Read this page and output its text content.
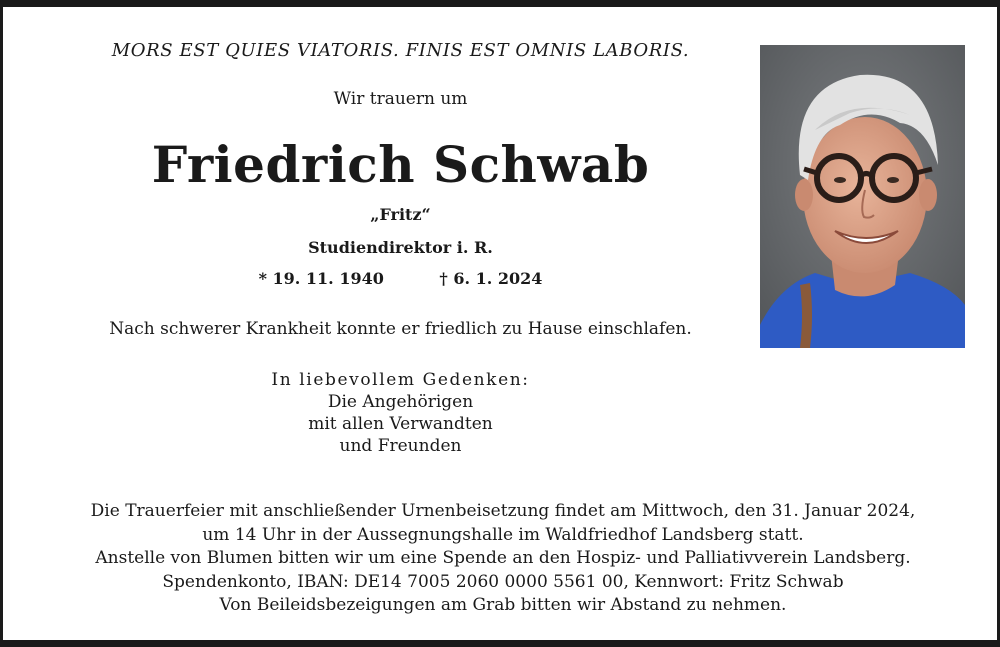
MORS EST QUIES VIATORIS. FINIS EST OMNIS LABORIS.
Wir trauern um
Friedrich Schwab
„Fritz“
Studiendirektor i. R.
* 19. 11. 1940	† 6. 1. 2024
Nach schwerer Krankheit konnte er friedlich zu Hause einschlafen.
In liebevollem Gedenken:
Die Angehörigen
mit allen Verwandten
und Freunden
Die Trauerfeier mit anschließender Urnenbeisetzung findet am Mittwoch, den 31. Januar 2024,
um 14 Uhr in der Aussegnungshalle im Waldfriedhof Landsberg statt.
Anstelle von Blumen bitten wir um eine Spende an den Hospiz- und Palliativverein Landsberg.
Spendenkonto, IBAN: DE14 7005 2060 0000 5561 00, Kennwort: Fritz Schwab
Von Beileidsbezeigungen am Grab bitten wir Abstand zu nehmen.
